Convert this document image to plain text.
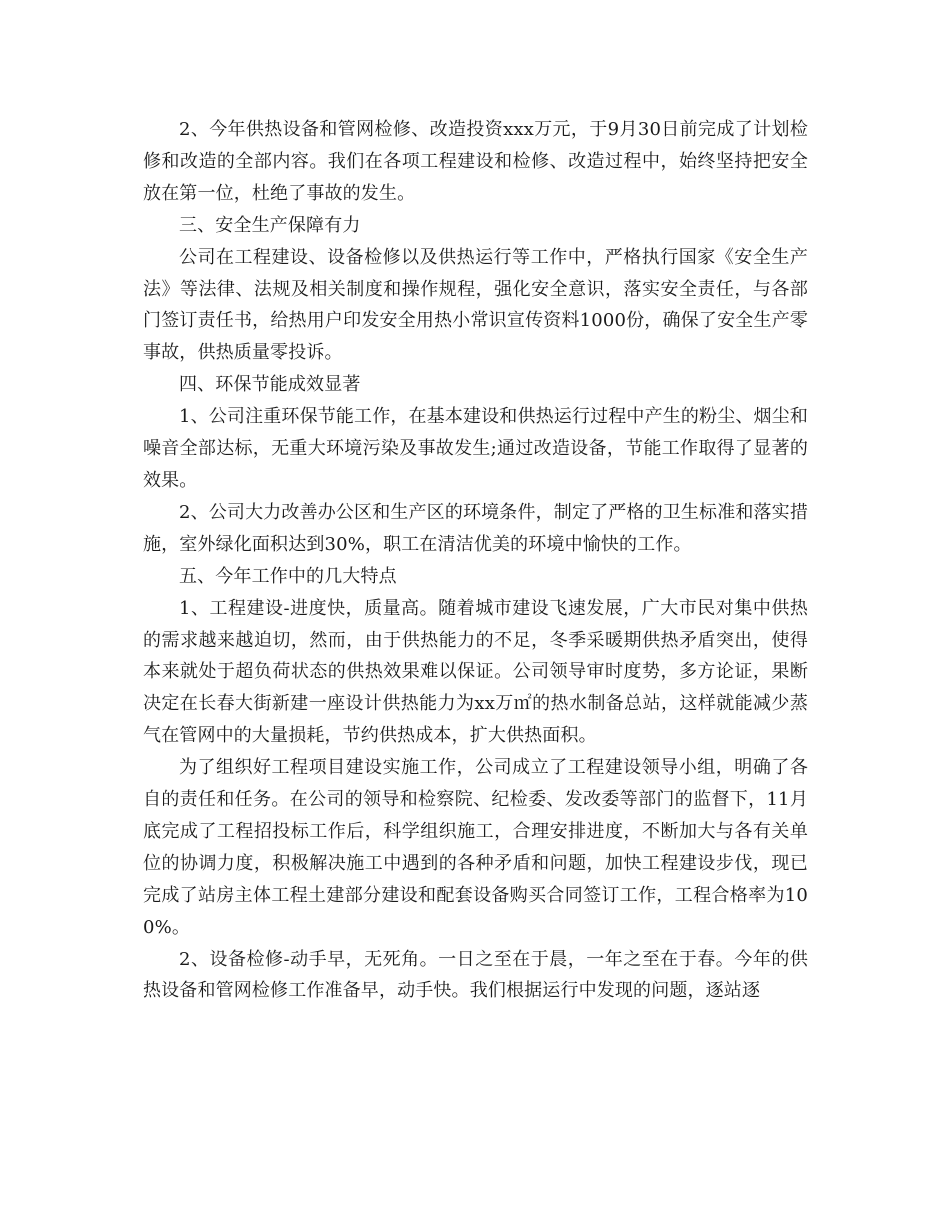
2、今年供热设备和管网检修、改造投资xxx万元，于9月30日前完成了计划检修和改造的全部内容。我们在各项工程建设和检修、改造过程中，始终坚持把安全放在第一位，杜绝了事故的发生。

三、安全生产保障有力

公司在工程建设、设备检修以及供热运行等工作中，严格执行国家《安全生产法》等法律、法规及相关制度和操作规程，强化安全意识，落实安全责任，与各部门签订责任书，给热用户印发安全用热小常识宣传资料1000份，确保了安全生产零事故，供热质量零投诉。

四、环保节能成效显著

1、公司注重环保节能工作，在基本建设和供热运行过程中产生的粉尘、烟尘和噪音全部达标，无重大环境污染及事故发生;通过改造设备，节能工作取得了显著的效果。

2、公司大力改善办公区和生产区的环境条件，制定了严格的卫生标准和落实措施，室外绿化面积达到30%，职工在清洁优美的环境中愉快的工作。

五、今年工作中的几大特点

1、工程建设-进度快，质量高。随着城市建设飞速发展，广大市民对集中供热的需求越来越迫切，然而，由于供热能力的不足，冬季采暖期供热矛盾突出，使得本来就处于超负荷状态的供热效果难以保证。公司领导审时度势，多方论证，果断决定在长春大街新建一座设计供热能力为xx万㎡的热水制备总站，这样就能减少蒸气在管网中的大量损耗，节约供热成本，扩大供热面积。

为了组织好工程项目建设实施工作，公司成立了工程建设领导小组，明确了各自的责任和任务。在公司的领导和检察院、纪检委、发改委等部门的监督下，11月底完成了工程招投标工作后，科学组织施工，合理安排进度，不断加大与各有关单位的协调力度，积极解决施工中遇到的各种矛盾和问题，加快工程建设步伐，现已完成了站房主体工程土建部分建设和配套设备购买合同签订工作，工程合格率为100%。

2、设备检修-动手早，无死角。一日之至在于晨，一年之至在于春。今年的供热设备和管网检修工作准备早，动手快。我们根据运行中发现的问题，逐站逐
